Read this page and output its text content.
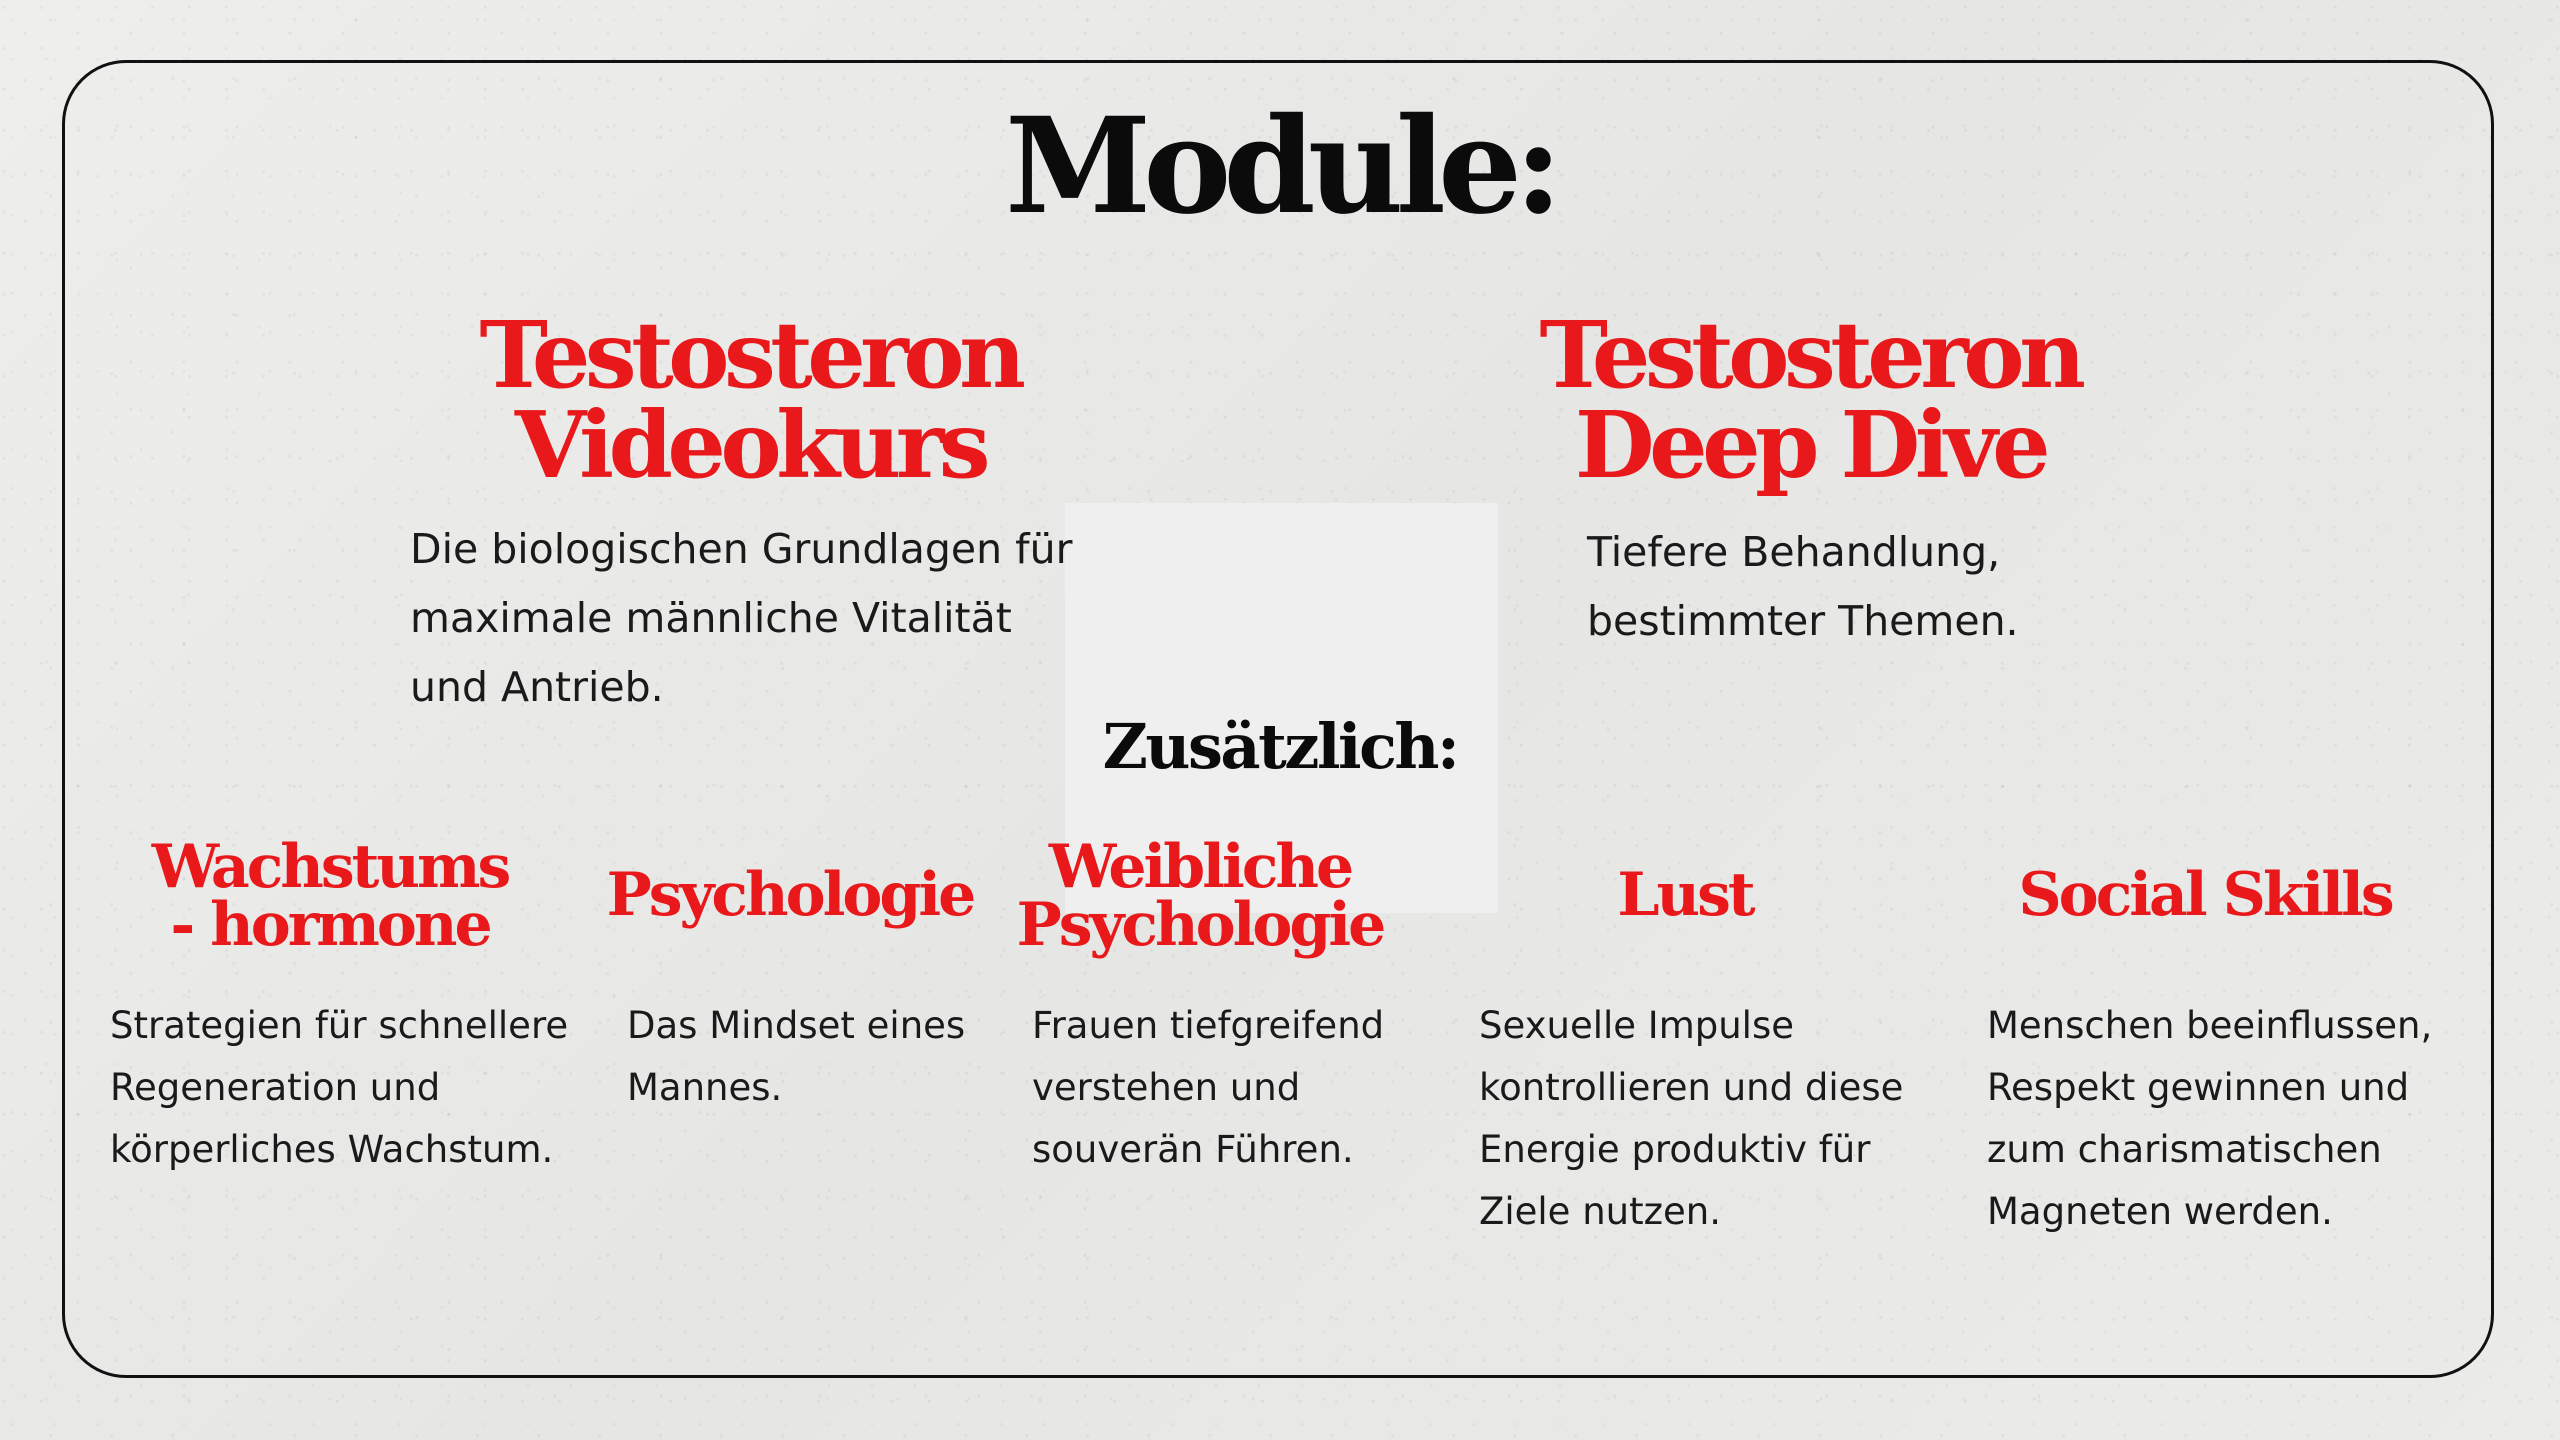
Module:
Testosteron
Videokurs

Die biologischen Grundlagen für
maximale männliche Vitalität
und Antrieb.

Testosteron
Deep Dive

Tiefere Behandlung,
bestimmter Themen.

Zusätzlich:
Wachstums
- hormone

Strategien für schnellere
Regeneration und
körperliches Wachstum.

Psychologie

Das Mindset eines
Mannes.

Weibliche
Psychologie

Frauen tiefgreifend
verstehen und
souverän Führen.

Lust

Sexuelle Impulse
kontrollieren und diese
Energie produktiv für
Ziele nutzen.

Social Skills

Menschen beeinflussen,
Respekt gewinnen und
zum charismatischen
Magneten werden.
